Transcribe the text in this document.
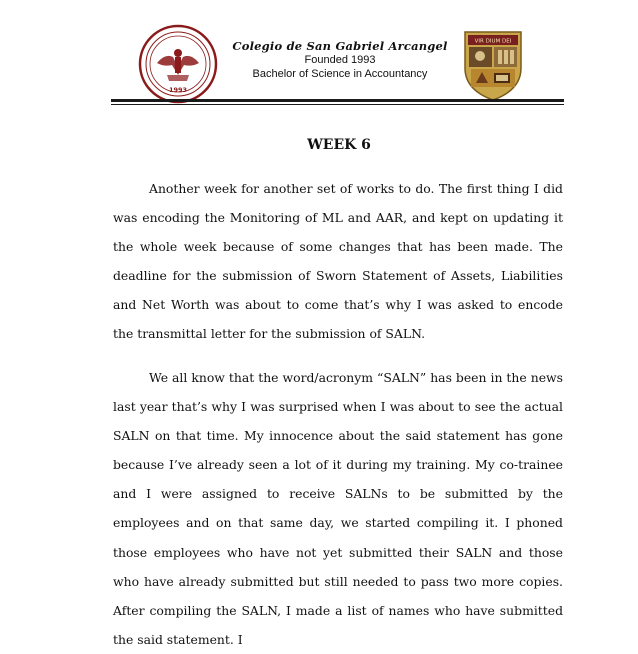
1993
Colegio de San Gabriel Arcangel
Founded 1993
Bachelor of Science in Accountancy
VIR DIUM DEI
WEEK 6

Another week for another set of works to do. The first thing I did was encoding the Monitoring of ML and AAR, and kept on updating it the whole week because of some changes that has been made. The deadline for the submission of Sworn Statement of Assets, Liabilities and Net Worth was about to come that’s why I was asked to encode the transmittal letter for the submission of SALN.

We all know that the word/acronym “SALN” has been in the news last year that’s why I was surprised when I was about to see the actual SALN on that time. My innocence about the said statement has gone because I’ve already seen a lot of it during my training. My co-trainee and I were assigned to receive SALNs to be submitted by the employees and on that same day, we started compiling it. I phoned those employees who have not yet submitted their SALN and those who have already submitted but still needed to pass two more copies. After compiling the SALN, I made a list of names who have submitted the said statement. I
